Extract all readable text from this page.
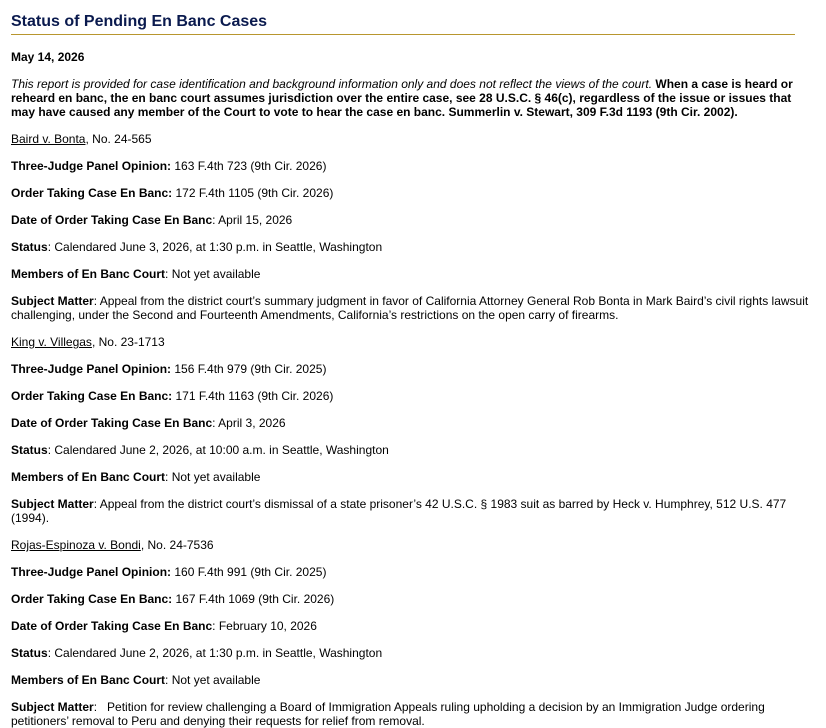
Status of Pending En Banc Cases
May 14, 2026
This report is provided for case identification and background information only and does not reflect the views of the court. When a case is heard or reheard en banc, the en banc court assumes jurisdiction over the entire case, see 28 U.S.C. § 46(c), regardless of the issue or issues that may have caused any member of the Court to vote to hear the case en banc. Summerlin v. Stewart, 309 F.3d 1193 (9th Cir. 2002).
Baird v. Bonta, No. 24-565
Three-Judge Panel Opinion: 163 F.4th 723 (9th Cir. 2026)
Order Taking Case En Banc: 172 F.4th 1105 (9th Cir. 2026)
Date of Order Taking Case En Banc: April 15, 2026
Status: Calendared June 3, 2026, at 1:30 p.m. in Seattle, Washington
Members of En Banc Court: Not yet available
Subject Matter: Appeal from the district court’s summary judgment in favor of California Attorney General Rob Bonta in Mark Baird’s civil rights lawsuit challenging, under the Second and Fourteenth Amendments, California’s restrictions on the open carry of firearms.
King v. Villegas, No. 23-1713
Three-Judge Panel Opinion: 156 F.4th 979 (9th Cir. 2025)
Order Taking Case En Banc: 171 F.4th 1163 (9th Cir. 2026)
Date of Order Taking Case En Banc: April 3, 2026
Status: Calendared June 2, 2026, at 10:00 a.m. in Seattle, Washington
Members of En Banc Court: Not yet available
Subject Matter: Appeal from the district court’s dismissal of a state prisoner’s 42 U.S.C. § 1983 suit as barred by Heck v. Humphrey, 512 U.S. 477 (1994).
Rojas-Espinoza v. Bondi, No. 24-7536
Three-Judge Panel Opinion: 160 F.4th 991 (9th Cir. 2025)
Order Taking Case En Banc: 167 F.4th 1069 (9th Cir. 2026)
Date of Order Taking Case En Banc: February 10, 2026
Status: Calendared June 2, 2026, at 1:30 p.m. in Seattle, Washington
Members of En Banc Court: Not yet available
Subject Matter:   Petition for review challenging a Board of Immigration Appeals ruling upholding a decision by an Immigration Judge ordering petitioners’ removal to Peru and denying their requests for relief from removal.
